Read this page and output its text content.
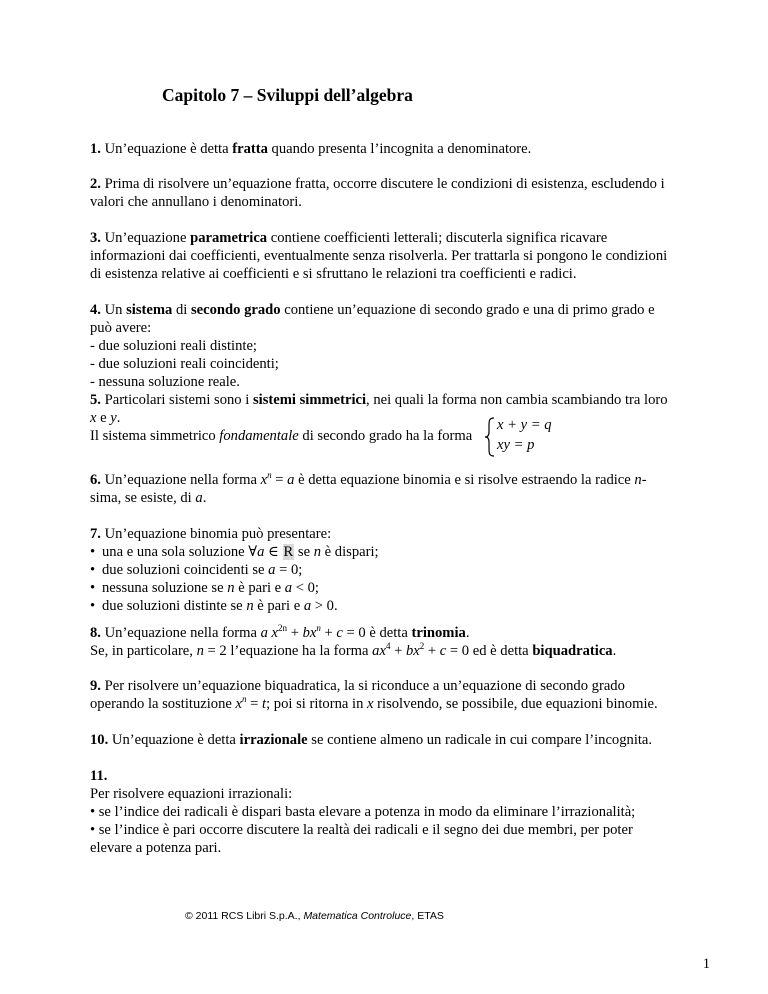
Capitolo 7 – Sviluppi dell’algebra

1. Un’equazione è detta fratta quando presenta l’incognita a denominatore.

2. Prima di risolvere un’equazione fratta, occorre discutere le condizioni di esistenza, escludendo i
valori che annullano i denominatori.

3. Un’equazione parametrica contiene coefficienti letterali; discuterla significa ricavare
informazioni dai coefficienti, eventualmente senza risolverla. Per trattarla si pongono le condizioni
di esistenza relative ai coefficienti e si sfruttano le relazioni tra coefficienti e radici.

4. Un sistema di secondo grado contiene un’equazione di secondo grado e una di primo grado e
può avere:
- due soluzioni reali distinte;
- due soluzioni reali coincidenti;
- nessuna soluzione reale.

5. Particolari sistemi sono i sistemi simmetrici, nei quali la forma non cambia scambiando tra loro
x e y.

Il sistema simmetrico fondamentale di secondo grado ha la forma
x + y = q
xy = p

6. Un’equazione nella forma $x^n = a$ è detta equazione binomia e si risolve estraendo la radice n-
sima, se esiste, di a.

7. Un’equazione binomia può presentare:
• una e una sola soluzione ∀a ∈ R se n è dispari;
• due soluzioni coincidenti se a = 0;
• nessuna soluzione se n è pari e a < 0;
• due soluzioni distinte se n è pari e a > 0.

8. Un’equazione nella forma a $x^{2n} + bx^n + c = 0$ è detta trinomia.
Se, in particolare, n = 2 l’equazione ha la forma $ax^4 + bx^2 + c = 0$ ed è detta biquadratica.

9. Per risolvere un’equazione biquadratica, la si riconduce a un’equazione di secondo grado
operando la sostituzione $x^n = t$; poi si ritorna in x risolvendo, se possibile, due equazioni binomie.

10. Un’equazione è detta irrazionale se contiene almeno un radicale in cui compare l’incognita.

11.
Per risolvere equazioni irrazionali:
• se l’indice dei radicali è dispari basta elevare a potenza in modo da eliminare l’irrazionalità;
• se l’indice è pari occorre discutere la realtà dei radicali e il segno dei due membri, per poter
elevare a potenza pari.

© 2011 RCS Libri S.p.A., Matematica Controluce, ETAS
1
